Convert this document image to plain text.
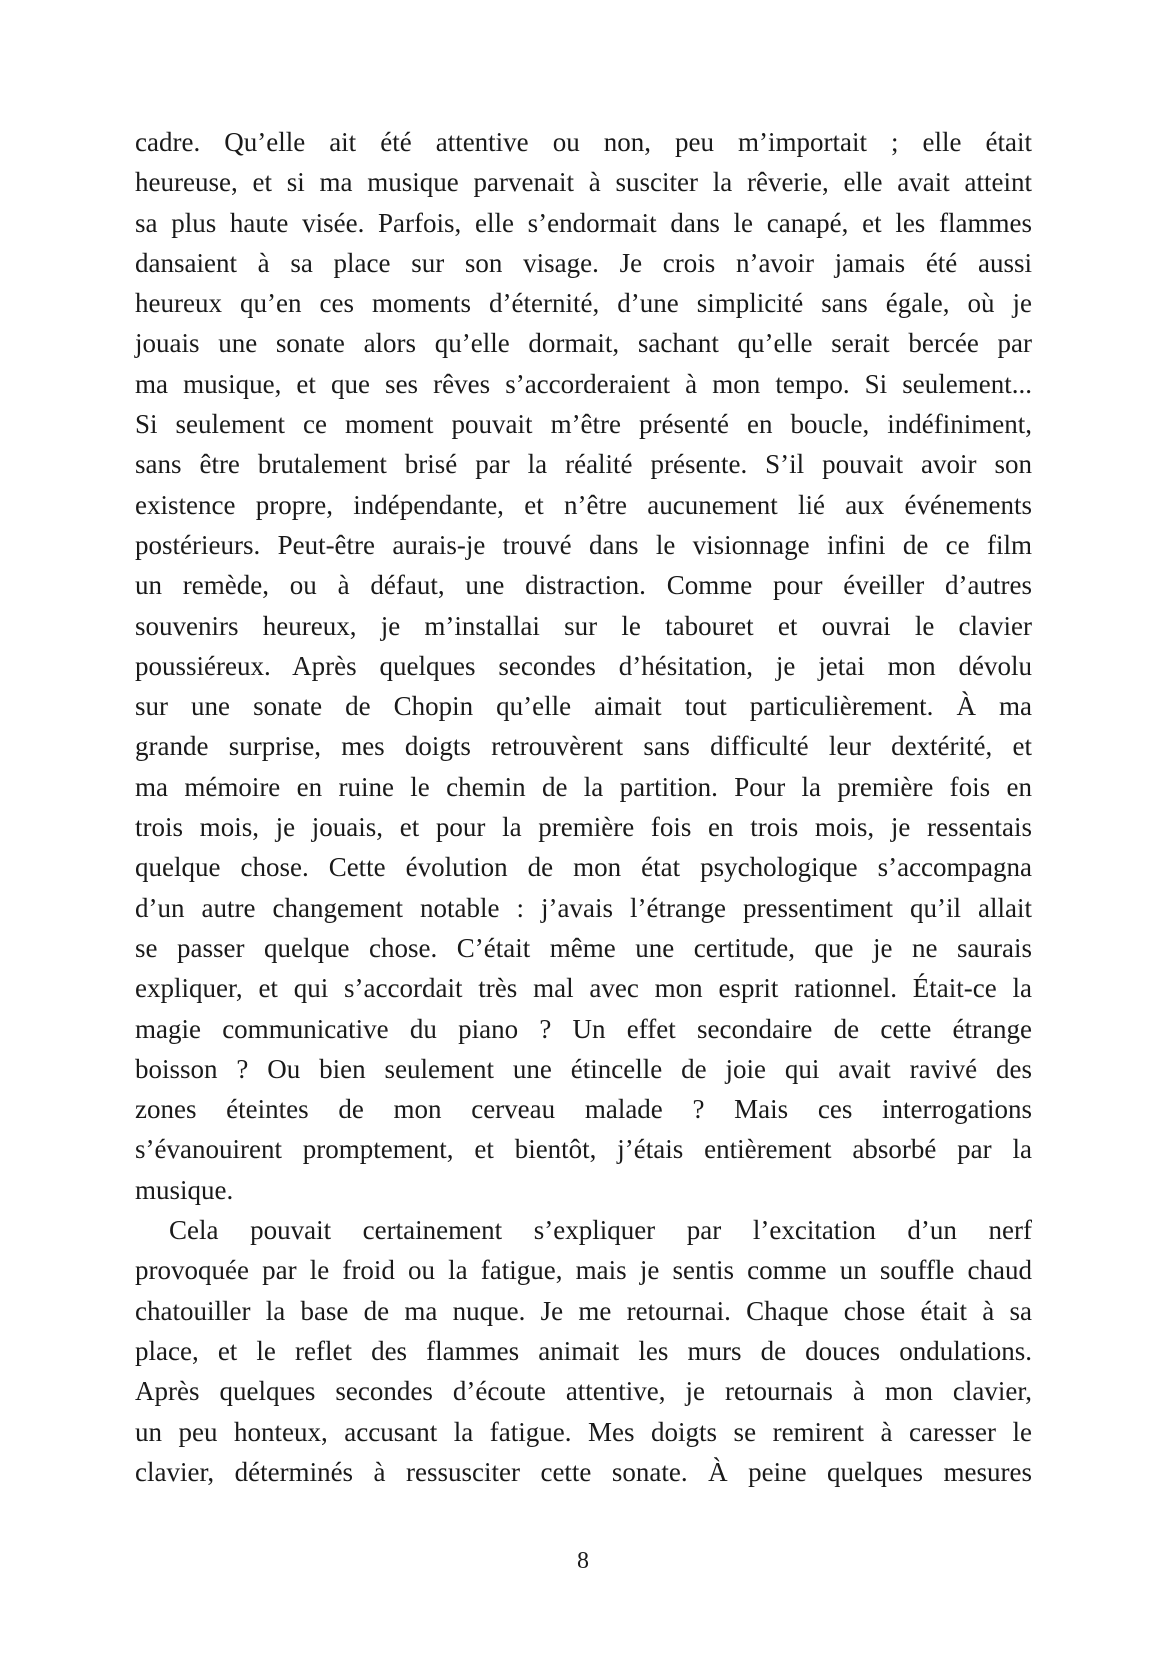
cadre. Qu’elle ait été attentive ou non, peu m’importait ; elle était
heureuse, et si ma musique parvenait à susciter la rêverie, elle avait atteint
sa plus haute visée. Parfois, elle s’endormait dans le canapé, et les flammes
dansaient à sa place sur son visage. Je crois n’avoir jamais été aussi
heureux qu’en ces moments d’éternité, d’une simplicité sans égale, où je
jouais une sonate alors qu’elle dormait, sachant qu’elle serait bercée par
ma musique, et que ses rêves s’accorderaient à mon tempo. Si seulement...
Si seulement ce moment pouvait m’être présenté en boucle, indéfiniment,
sans être brutalement brisé par la réalité présente. S’il pouvait avoir son
existence propre, indépendante, et n’être aucunement lié aux événements
postérieurs. Peut-être aurais-je trouvé dans le visionnage infini de ce film
un remède, ou à défaut, une distraction. Comme pour éveiller d’autres
souvenirs heureux, je m’installai sur le tabouret et ouvrai le clavier
poussiéreux. Après quelques secondes d’hésitation, je jetai mon dévolu
sur une sonate de Chopin qu’elle aimait tout particulièrement. À ma
grande surprise, mes doigts retrouvèrent sans difficulté leur dextérité, et
ma mémoire en ruine le chemin de la partition. Pour la première fois en
trois mois, je jouais, et pour la première fois en trois mois, je ressentais
quelque chose. Cette évolution de mon état psychologique s’accompagna
d’un autre changement notable : j’avais l’étrange pressentiment qu’il allait
se passer quelque chose. C’était même une certitude, que je ne saurais
expliquer, et qui s’accordait très mal avec mon esprit rationnel. Était-ce la
magie communicative du piano ? Un effet secondaire de cette étrange
boisson ? Ou bien seulement une étincelle de joie qui avait ravivé des
zones éteintes de mon cerveau malade ? Mais ces interrogations
s’évanouirent promptement, et bientôt, j’étais entièrement absorbé par la
musique.
Cela pouvait certainement s’expliquer par l’excitation d’un nerf
provoquée par le froid ou la fatigue, mais je sentis comme un souffle chaud
chatouiller la base de ma nuque. Je me retournai. Chaque chose était à sa
place, et le reflet des flammes animait les murs de douces ondulations.
Après quelques secondes d’écoute attentive, je retournais à mon clavier,
un peu honteux, accusant la fatigue. Mes doigts se remirent à caresser le
clavier, déterminés à ressusciter cette sonate. À peine quelques mesures
8
